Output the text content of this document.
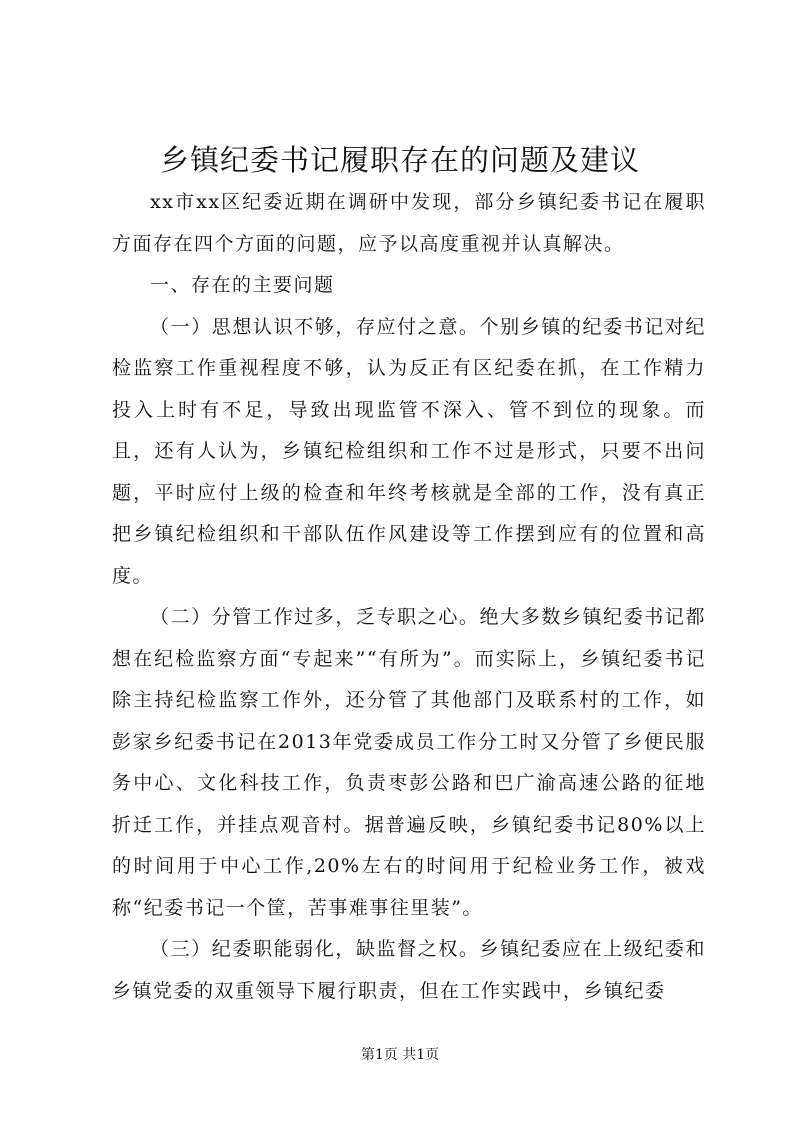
乡镇纪委书记履职存在的问题及建议

xx市xx区纪委近期在调研中发现，部分乡镇纪委书记在履职方面存在四个方面的问题，应予以高度重视并认真解决。

一、存在的主要问题

（一）思想认识不够，存应付之意。个别乡镇的纪委书记对纪检监察工作重视程度不够，认为反正有区纪委在抓，在工作精力投入上时有不足，导致出现监管不深入、管不到位的现象。而且，还有人认为，乡镇纪检组织和工作不过是形式，只要不出问题，平时应付上级的检查和年终考核就是全部的工作，没有真正把乡镇纪检组织和干部队伍作风建设等工作摆到应有的位置和高度。

（二）分管工作过多，乏专职之心。绝大多数乡镇纪委书记都想在纪检监察方面“专起来”“有所为”。而实际上，乡镇纪委书记除主持纪检监察工作外，还分管了其他部门及联系村的工作，如彭家乡纪委书记在2013年党委成员工作分工时又分管了乡便民服务中心、文化科技工作，负责枣彭公路和巴广渝高速公路的征地折迁工作，并挂点观音村。据普遍反映，乡镇纪委书记80%以上的时间用于中心工作,20%左右的时间用于纪检业务工作，被戏称“纪委书记一个筐，苦事难事往里装”。

（三）纪委职能弱化，缺监督之权。乡镇纪委应在上级纪委和乡镇党委的双重领导下履行职责，但在工作实践中，乡镇纪委

第1页 共1页
